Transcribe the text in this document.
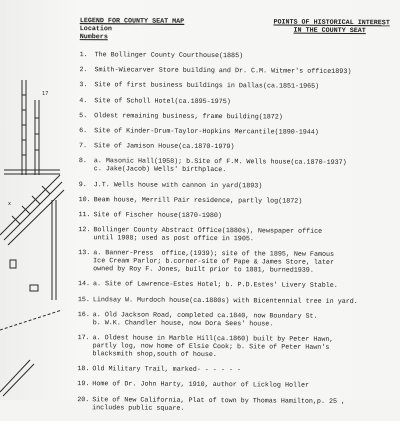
17
x
LEGEND FOR COUNTY SEAT MAP	POINTS OF HISTORICAL INTEREST
Location	IN THE COUNTY SEAT
Numbers
1.	The Bollinger County Courthouse(1885)
2.	Smith-Wiecarver Store building and Dr. C.M. Witmer's office1893)
3.	Site of first business buildings in Dallas(ca.1851-1965)
4.	Site of Scholl Hotel(ca.1895-1975)
5.	Oldest remaining business, frame building(1872)
6.	Site of Kinder-Drum-Taylor-Hopkins Mercantile(1890-1944)
7.	Site of Jamison House(ca.1870-1979)
8.	a. Masonic Hall(1958); b.Site of F.M. Wells house(ca.1870-1937)
c. Jake(Jacob) Wells' birthplace.
9.	J.T. Wells house with cannon in yard(1893)
10. Beam house, Merrill Pair residence, partly log(1872)
11. Site of Fischer house(1870-1980)
12. Bollinger County Abstract Office(1880s), Newspaper office
until 1908; used as post office in 1905.
13. a. Banner-Press  office,(1939); site of the 1895, New Famous
Ice Cream Parlor; b.corner-site of Pape & James Store, later
owned by Roy F. Jones, built prior to 1881, burned1939.
14. a. Site of Lawrence-Estes Hotel; b. P.D.Estes' Livery Stable.
15. Lindsay W. Murdoch house(ca.1880s) with Bicentennial tree in yard.
16. a. Old Jackson Road, completed ca.1840, now Boundary St.
b. W.K. Chandler house, now Dora Sees' house.
17. a. Oldest house in Marble Hill(ca.1860) built by Peter Hawn,
partly log, now home of Elsie Cook; b. Site of Peter Hawn's
blacksmith shop,south of house.
18. Old Military Trail, marked- - - - - -
19. Home of Dr. John Harty, 1910, author of Licklog Holler
20. Site of New California, Plat of town by Thomas Hamilton,p. 25 ,
includes public square.
